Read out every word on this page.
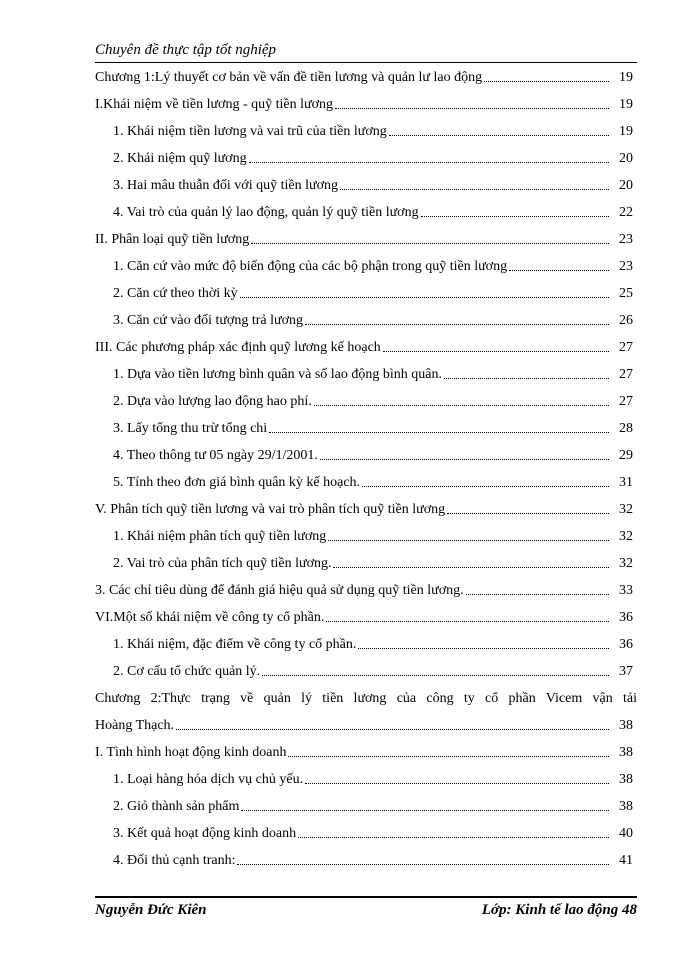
Chuyên đề thực tập tốt nghiệp
Chương 1:Lý thuyết cơ bản về vấn đề tiền lương và quản lư lao động	19
I.Khái niệm về tiền lương - quỹ tiền lương	19
1. Khái niệm tiền lương và vai trũ của tiền lương	19
2. Khái niệm quỹ lương	20
3. Hai mâu thuẫn đối với quỹ tiền lương	20
4. Vai trò của quản lý lao động, quản lý quỹ tiền lương	22
II. Phân loại quỹ tiền lương	23
1. Căn cứ vào mức độ biến động của các bộ phận trong quỹ tiền lương	23
2. Căn cứ theo thời kỳ	25
3. Căn cứ vào đối tượng trả lương	26
III. Các phương pháp xác định quỹ lương kế hoạch	27
1. Dựa vào tiền lương bình quân và số lao động bình quân.	27
2. Dựa vào lượng lao động hao phí.	27
3. Lấy tổng thu trừ tổng chi	28
4. Theo thông tư 05 ngày 29/1/2001.	29
5. Tính theo đơn giá bình quân kỳ kế hoạch.	31
V. Phân tích quỹ tiền lương và vai trò phân tích quỹ tiền lương	32
1. Khái niệm phân tích quỹ tiền lương	32
2. Vai trò của phân tích quỹ tiền lương.	32
3. Các chỉ tiêu dùng để đánh giá hiệu quả sử dụng quỹ tiền lương.	33
VI.Một số khái niệm về công ty cổ phần.	36
1. Khái niệm, đặc điểm về công ty cổ phần.	36
2. Cơ cấu tổ chức quản lý.	37
Chương 2:Thực trạng về quản lý tiền lương của công ty cổ phần Vicem vận tải
Hoàng Thạch.	38
I. Tình hình hoạt động kinh doanh	38
1. Loại hàng hóa dịch vụ chủ yếu.	38
2. Giỏ thành sản phẩm	38
3. Kết quả hoạt động kinh doanh	40
4. Đối thủ cạnh tranh:	41
Nguyễn Đức Kiên	Lớp: Kinh tế lao động 48
